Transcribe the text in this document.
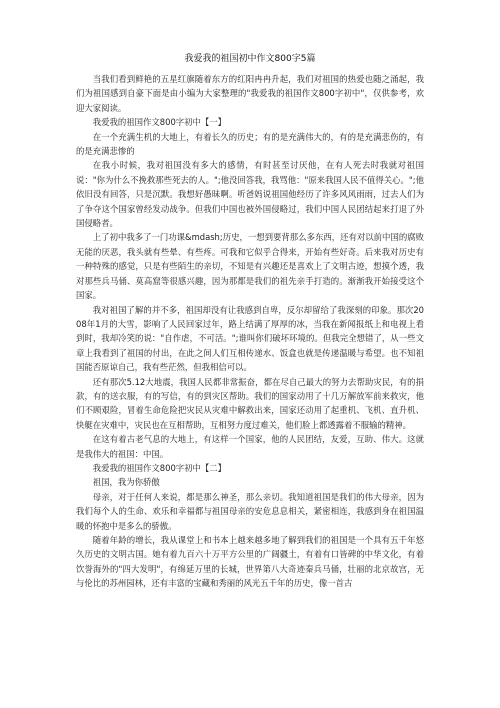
我爱我的祖国初中作文800字5篇

当我们看到鲜艳的五星红旗随着东方的红阳冉冉升起，我们对祖国的热爱也随之涌起，我们为祖国感到自豪下面是由小编为大家整理的"我爱我的祖国作文800字初中"，仅供参考，欢迎大家阅读。

我爱我的祖国作文800字初中【一】

在一个充满生机的大地上，有着长久的历史；有的是充满伟大的，有的是充满悲伤的，有的是充满悲惨的

在我小时候，我对祖国没有多大的感情，有时甚至讨厌他，在有人死去时我就对祖国说："你为什么不挽救那些死去的人。";他没回答我，我骂他："原来我国人民不值得关心。";他依旧没有回答，只是沉默。我想好愚昧啊。听爸妈说祖国他经历了许多风风雨雨，过去人们为了争夺这个国家曾经发动战争。但我们中国也被外国侵略过，我们中国人民团结起来打退了外国侵略者。

上了初中我多了一门功课&mdash;历史，一想到要背那么多东西，还有对以前中国的腐败无能的厌恶，我头就有些晕、有些疼。可我和它似乎合得来，开始有些好奇。后来我对历史有一种特殊的感觉，只是有些陌生的亲切，不知是有兴趣还是喜欢上了文明古迹，想摸个透，我对那些兵马俑、莫高窟等很感兴趣，因为那都是我们的祖先亲手打造的。渐渐我开始接受这个国家。

我对祖国了解的并不多，祖国却没有让我感到自卑，反尔却留给了我深刻的印象。那次2008年1月的大雪，影响了人民回家过年，路上结满了厚厚的冰，当我在新闻报纸上和电视上看到时，我却冷笑的说："自作虐，不可活。";谁叫你们破坏环境的。但我完全想错了，从一些文章上我看到了祖国的付出，在此之间人们互相传递水、饭盒也就是传递温暖与希望。也不知祖国能否原谅自己，我有些茫然，但我相信可以。

还有那次5.12大地震，我国人民都非常振奋，都在尽自己最大的努力去帮助灾民，有的捐款，有的送衣服，有的写信，有的到灾区帮助。我们的国家动用了十几万解放军前来救灾，他们不顾艰险，冒着生命危险把灾民从灾难中解救出来，国家还动用了起重机、飞机、直升机、快艇在灾难中，灾民也在互相帮助，互相努力度过难关，他们脸上都透露着不服输的精神。

在这有着古老气息的大地上，有这样一个国家，他的人民团结，友爱，互助、伟大。这就是我伟大的祖国：中国。

我爱我的祖国作文800字初中【二】

祖国，我为你骄傲

母亲，对于任何人来说，都是那么神圣，那么亲切。我知道祖国是我们的伟大母亲，因为我们每个人的生命、欢乐和幸福都与祖国母亲的安危息息相关，紧密相连，我感到身在祖国温暖的怀抱中是多么的骄傲。

随着年龄的增长，我从课堂上和书本上越来越多地了解到我们的祖国是一个具有五千年悠久历史的文明古国。她有着九百六十万平方公里的广阔疆土，有着有口皆碑的中华文化，有着饮誉海外的"四大发明"，有绵延万里的长城，世界第八大奇迹秦兵马俑，壮丽的北京故宫，无与伦比的苏州园林，还有丰富的宝藏和秀丽的风光五千年的历史，像一首古
